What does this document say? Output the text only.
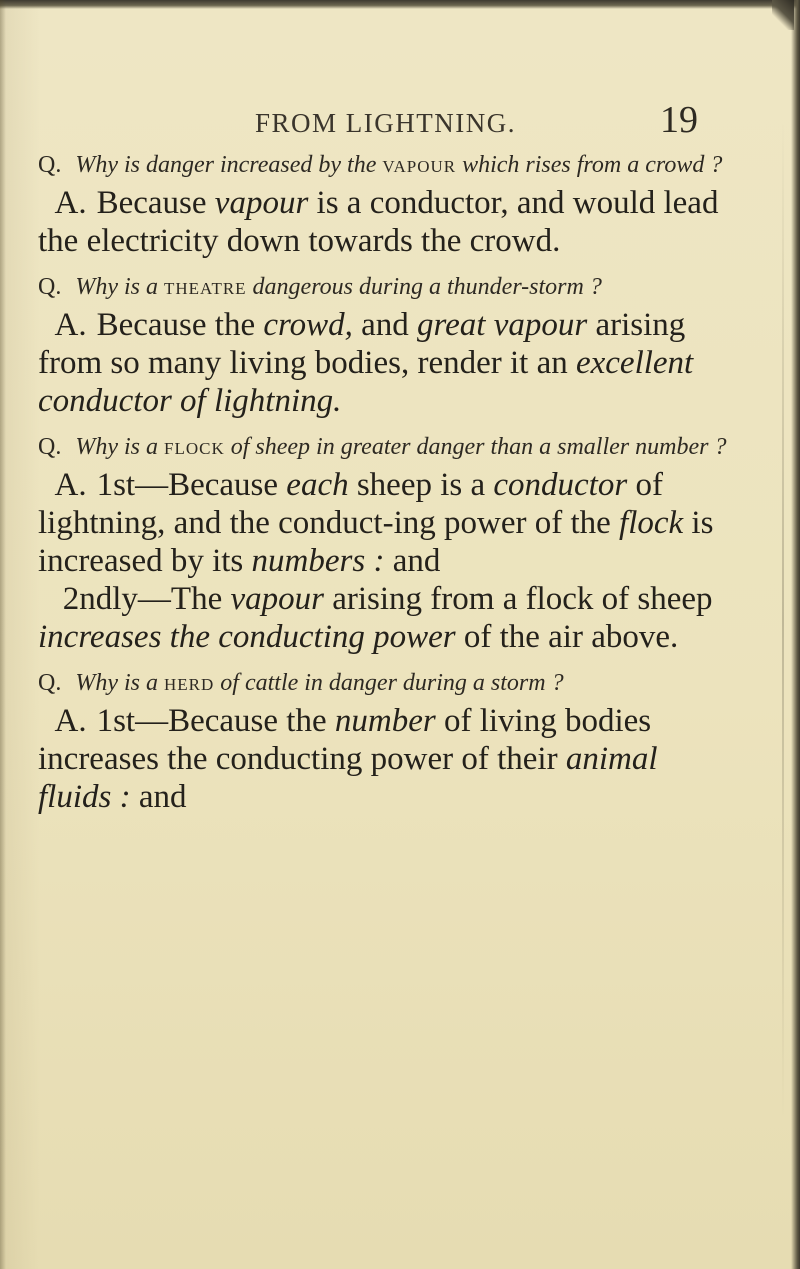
FROM LIGHTNING.	19

Q. Why is danger increased by the vapour which rises from a crowd ?

A. Because vapour is a conductor, and would lead the electricity down towards the crowd.

Q. Why is a theatre dangerous during a thunder-storm ?

A. Because the crowd, and great vapour arising from so many living bodies, render it an excellent conductor of lightning.

Q. Why is a flock of sheep in greater danger than a smaller number ?

A. 1st—Because each sheep is a conductor of lightning, and the conduct-ing power of the flock is increased by its numbers : and

2ndly—The vapour arising from a flock of sheep increases the conducting power of the air above.

Q. Why is a herd of cattle in danger during a storm ?

A. 1st—Because the number of living bodies increases the conducting power of their animal fluids : and
